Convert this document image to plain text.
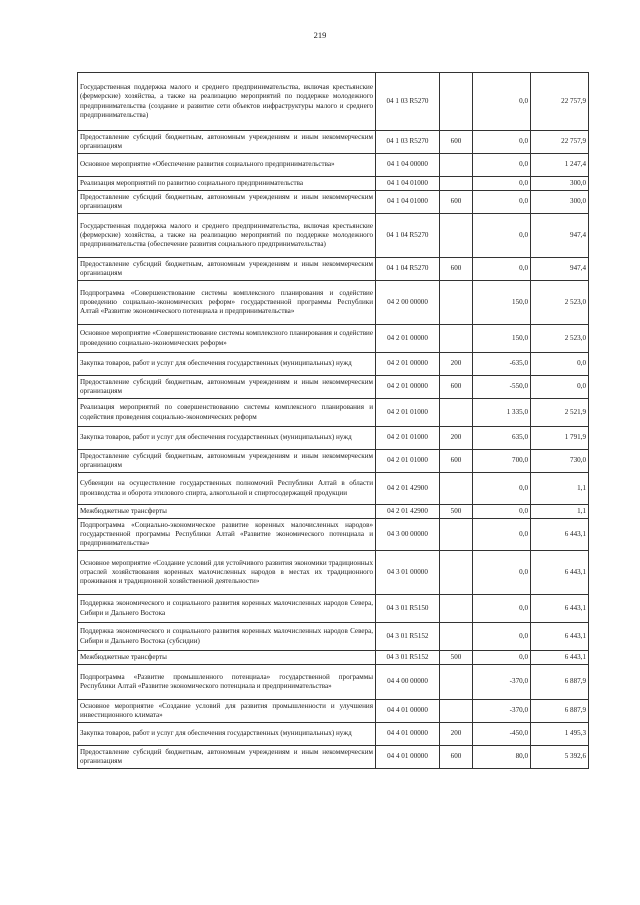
219
Государственная поддержка малого и среднего предпринимательства, включая крестьянские (фермерские) хозяйства, а также на реализацию мероприятий по поддержке молодежного предпринимательства (создание и развитие сети объектов инфраструктуры малого и среднего предпринимательства)	04 1 03 R5270		0,0	22 757,9
Предоставление субсидий бюджетным, автономным учреждениям и иным некоммерческим организациям	04 1 03 R5270	600	0,0	22 757,9
Основное мероприятие «Обеспечение развития социального предпринимательства»	04 1 04 00000		0,0	1 247,4
Реализация мероприятий по развитию социального предпринимательства	04 1 04 01000		0,0	300,0
Предоставление субсидий бюджетным, автономным учреждениям и иным некоммерческим организациям	04 1 04 01000	600	0,0	300,0
Государственная поддержка малого и среднего предпринимательства, включая крестьянские (фермерские) хозяйства, а также на реализацию мероприятий по поддержке молодежного предпринимательства (обеспечение развития социального предпринимательства)	04 1 04 R5270		0,0	947,4
Предоставление субсидий бюджетным, автономным учреждениям и иным некоммерческим организациям	04 1 04 R5270	600	0,0	947,4
Подпрограмма «Совершенствование системы комплексного планирования и содействие проведению социально-экономических реформ» государственной программы Республики Алтай «Развитие экономического потенциала и предпринимательства»	04 2 00 00000		150,0	2 523,0
Основное мероприятие «Совершенствование системы комплексного планирования и содействие проведению социально-экономических реформ»	04 2 01 00000		150,0	2 523,0
Закупка товаров, работ и услуг для обеспечения государственных (муниципальных) нужд	04 2 01 00000	200	-635,0	0,0
Предоставление субсидий бюджетным, автономным учреждениям и иным некоммерческим организациям	04 2 01 00000	600	-550,0	0,0
Реализация мероприятий по совершенствованию системы комплексного планирования и содействия проведения социально-экономических реформ	04 2 01 01000		1 335,0	2 521,9
Закупка товаров, работ и услуг для обеспечения государственных (муниципальных) нужд	04 2 01 01000	200	635,0	1 791,9
Предоставление субсидий бюджетным, автономным учреждениям и иным некоммерческим организациям	04 2 01 01000	600	700,0	730,0
Субвенции на осуществление государственных полномочий Республики Алтай в области производства и оборота этилового спирта, алкогольной и спиртосодержащей продукции	04 2 01 42900		0,0	1,1
Межбюджетные трансферты	04 2 01 42900	500	0,0	1,1
Подпрограмма «Социально-экономическое развитие коренных малочисленных народов» государственной программы Республики Алтай «Развитие экономического потенциала и предпринимательства»	04 3 00 00000		0,0	6 443,1
Основное мероприятие «Создание условий для устойчивого развития экономики традиционных отраслей хозяйствования коренных малочисленных народов в местах их традиционного проживания и традиционной хозяйственной деятельности»	04 3 01 00000		0,0	6 443,1
Поддержка экономического и социального развития коренных малочисленных народов Севера, Сибири и Дальнего Востока	04 3 01 R5150		0,0	6 443,1
Поддержка экономического и социального развития коренных малочисленных народов Севера, Сибири и Дальнего Востока (субсидии)	04 3 01 R5152		0,0	6 443,1
Межбюджетные трансферты	04 3 01 R5152	500	0,0	6 443,1
Подпрограмма «Развитие промышленного потенциала» государственной программы Республики Алтай «Развитие экономического потенциала и предпринимательства»	04 4 00 00000		-370,0	6 887,9
Основное мероприятие «Создание условий для развития промышленности и улучшения инвестиционного климата»	04 4 01 00000		-370,0	6 887,9
Закупка товаров, работ и услуг для обеспечения государственных (муниципальных) нужд	04 4 01 00000	200	-450,0	1 495,3
Предоставление субсидий бюджетным, автономным учреждениям и иным некоммерческим организациям	04 4 01 00000	600	80,0	5 392,6
